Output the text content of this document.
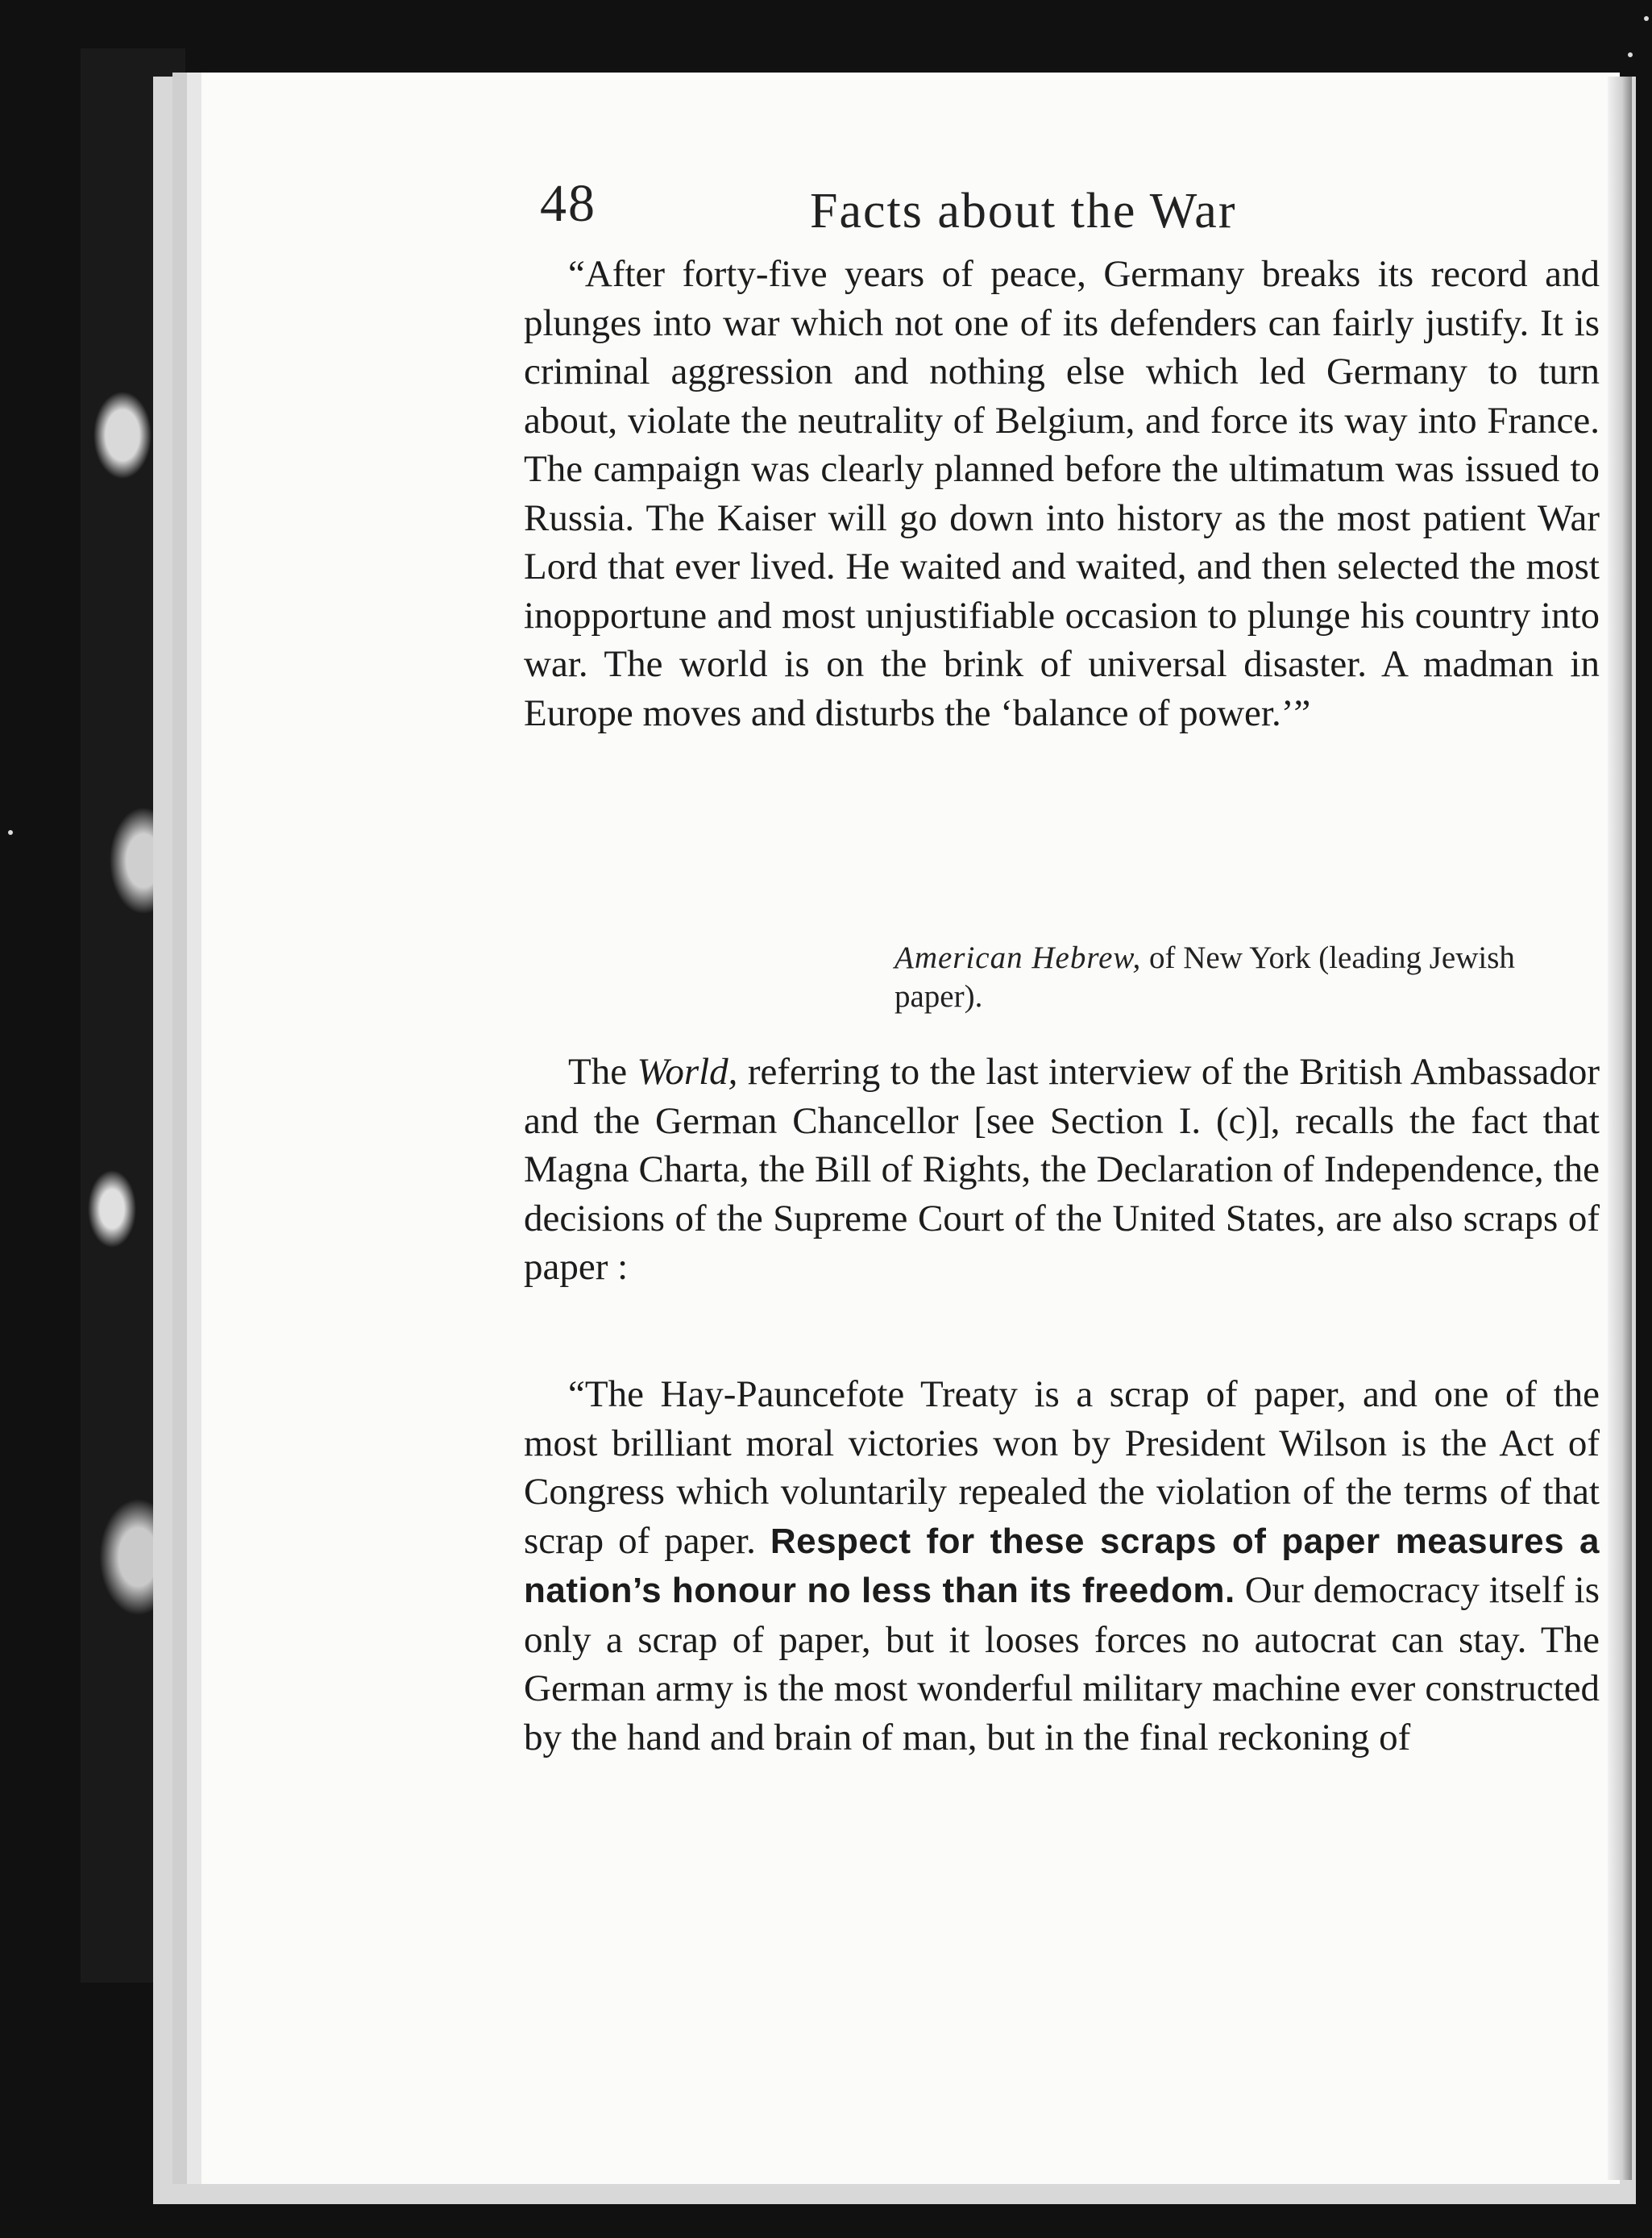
48	Facts about the War

“After forty-five years of peace, Germany breaks its record and plunges into war which not one of its defenders can fairly justify. It is criminal aggression and nothing else which led Germany to turn about, violate the neutrality of Belgium, and force its way into France. The campaign was clearly planned before the ultimatum was issued to Russia. The Kaiser will go down into history as the most patient War Lord that ever lived. He waited and waited, and then selected the most inopportune and most unjustifiable occasion to plunge his country into war. The world is on the brink of universal disaster. A madman in Europe moves and disturbs the ‘balance of power.’”

American Hebrew, of New York (leading Jewish paper).

The World, referring to the last interview of the British Ambassador and the German Chancellor [see Section I. (c)], recalls the fact that Magna Charta, the Bill of Rights, the Declaration of Independence, the decisions of the Supreme Court of the United States, are also scraps of paper :

“The Hay-Pauncefote Treaty is a scrap of paper, and one of the most brilliant moral victories won by President Wilson is the Act of Congress which voluntarily repealed the violation of the terms of that scrap of paper. Respect for these scraps of paper measures a nation’s honour no less than its freedom. Our democracy itself is only a scrap of paper, but it looses forces no autocrat can stay. The German army is the most wonderful military machine ever constructed by the hand and brain of man, but in the final reckoning of
